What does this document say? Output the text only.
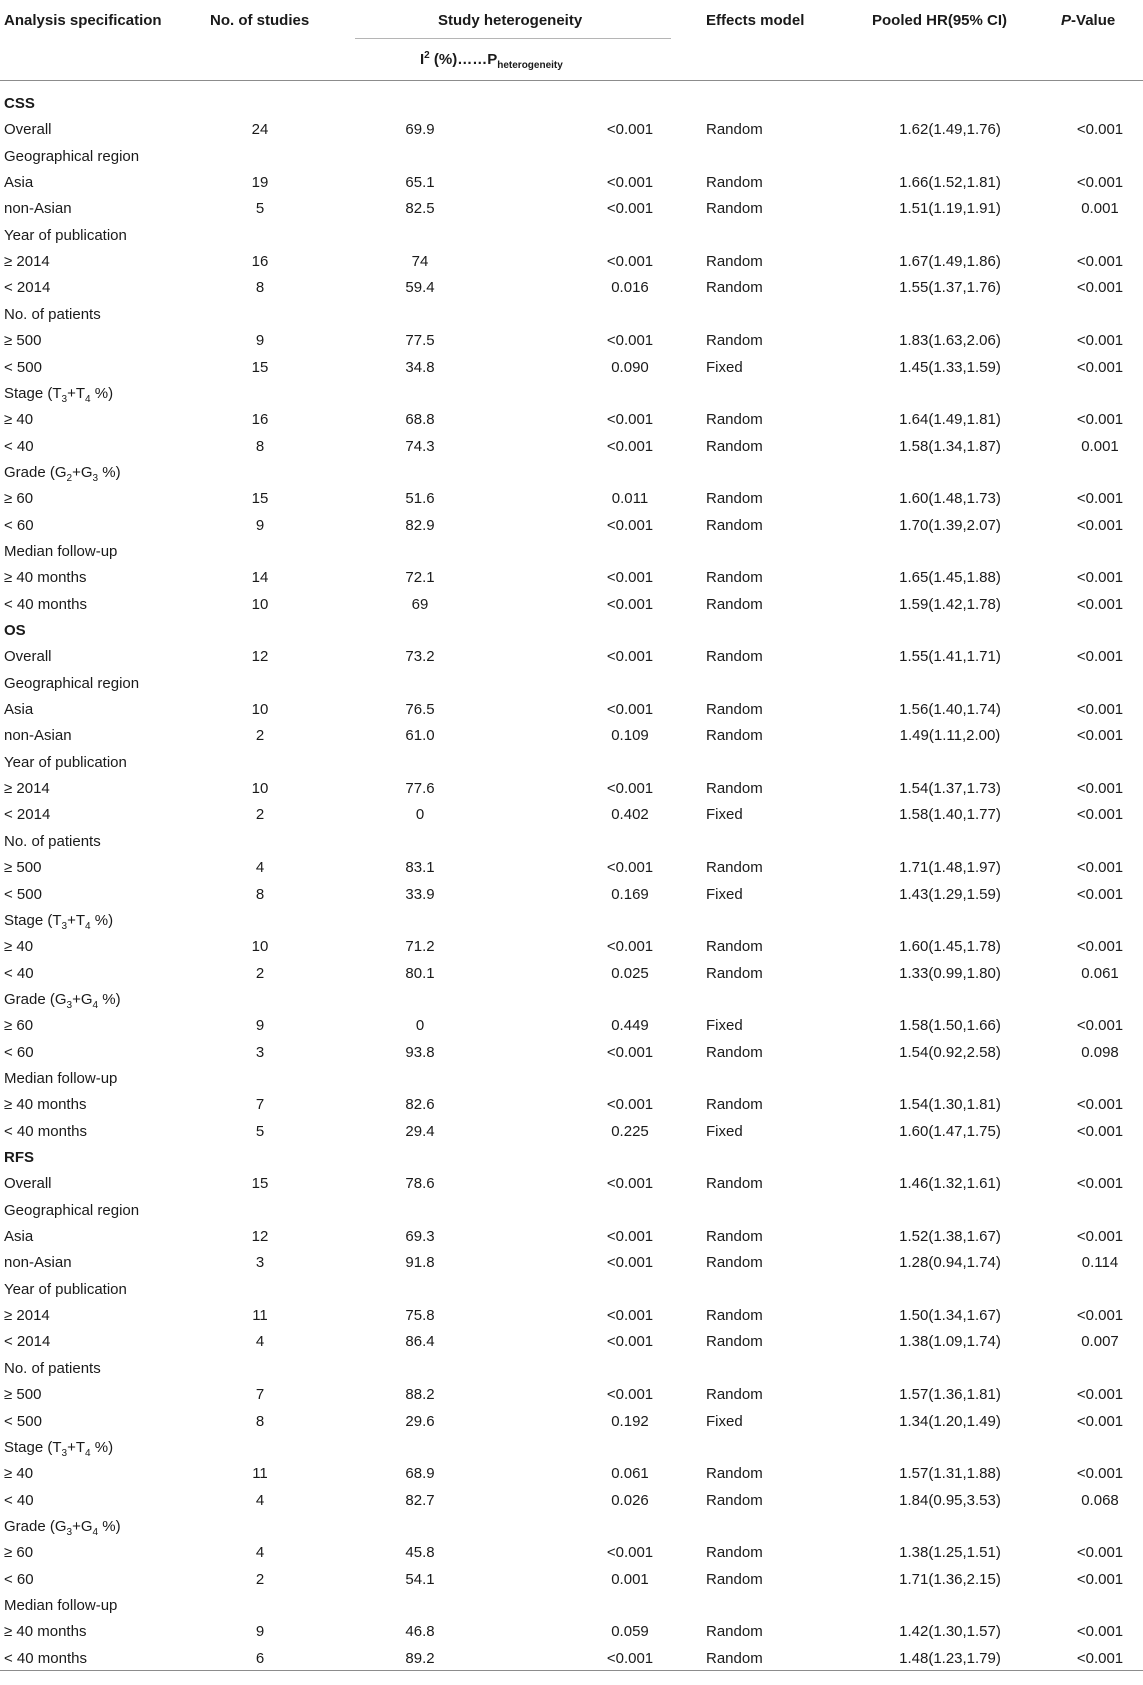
Analysis specification	No. of studies	Study heterogeneity	Effects model	Pooled HR(95% CI)	P-Value
$I^2$ $(\%)\dots\dots P_{heterogeneity}$
CSS
Overall	24	69.9	<0.001	Random	1.62(1.49,1.76)	<0.001
Geographical region
Asia	19	65.1	<0.001	Random	1.66(1.52,1.81)	<0.001
non-Asian	5	82.5	<0.001	Random	1.51(1.19,1.91)	0.001
Year of publication
≥ 2014	16	74	<0.001	Random	1.67(1.49,1.86)	<0.001
< 2014	8	59.4	0.016	Random	1.55(1.37,1.76)	<0.001
No. of patients
≥ 500	9	77.5	<0.001	Random	1.83(1.63,2.06)	<0.001
< 500	15	34.8	0.090	Fixed	1.45(1.33,1.59)	<0.001
Stage ($T_3+T_4$ %)
≥ 40	16	68.8	<0.001	Random	1.64(1.49,1.81)	<0.001
< 40	8	74.3	<0.001	Random	1.58(1.34,1.87)	0.001
Grade ($G_2+G_3$ %)
≥ 60	15	51.6	0.011	Random	1.60(1.48,1.73)	<0.001
< 60	9	82.9	<0.001	Random	1.70(1.39,2.07)	<0.001
Median follow-up
≥ 40 months	14	72.1	<0.001	Random	1.65(1.45,1.88)	<0.001
< 40 months	10	69	<0.001	Random	1.59(1.42,1.78)	<0.001
OS
Overall	12	73.2	<0.001	Random	1.55(1.41,1.71)	<0.001
Geographical region
Asia	10	76.5	<0.001	Random	1.56(1.40,1.74)	<0.001
non-Asian	2	61.0	0.109	Random	1.49(1.11,2.00)	<0.001
Year of publication
≥ 2014	10	77.6	<0.001	Random	1.54(1.37,1.73)	<0.001
< 2014	2	0	0.402	Fixed	1.58(1.40,1.77)	<0.001
No. of patients
≥ 500	4	83.1	<0.001	Random	1.71(1.48,1.97)	<0.001
< 500	8	33.9	0.169	Fixed	1.43(1.29,1.59)	<0.001
Stage ($T_3+T_4$ %)
≥ 40	10	71.2	<0.001	Random	1.60(1.45,1.78)	<0.001
< 40	2	80.1	0.025	Random	1.33(0.99,1.80)	0.061
Grade ($G_3+G_4$ %)
≥ 60	9	0	0.449	Fixed	1.58(1.50,1.66)	<0.001
< 60	3	93.8	<0.001	Random	1.54(0.92,2.58)	0.098
Median follow-up
≥ 40 months	7	82.6	<0.001	Random	1.54(1.30,1.81)	<0.001
< 40 months	5	29.4	0.225	Fixed	1.60(1.47,1.75)	<0.001
RFS
Overall	15	78.6	<0.001	Random	1.46(1.32,1.61)	<0.001
Geographical region
Asia	12	69.3	<0.001	Random	1.52(1.38,1.67)	<0.001
non-Asian	3	91.8	<0.001	Random	1.28(0.94,1.74)	0.114
Year of publication
≥ 2014	11	75.8	<0.001	Random	1.50(1.34,1.67)	<0.001
< 2014	4	86.4	<0.001	Random	1.38(1.09,1.74)	0.007
No. of patients
≥ 500	7	88.2	<0.001	Random	1.57(1.36,1.81)	<0.001
< 500	8	29.6	0.192	Fixed	1.34(1.20,1.49)	<0.001
Stage ($T_3+T_4$ %)
≥ 40	11	68.9	0.061	Random	1.57(1.31,1.88)	<0.001
< 40	4	82.7	0.026	Random	1.84(0.95,3.53)	0.068
Grade ($G_3+G_4$ %)
≥ 60	4	45.8	<0.001	Random	1.38(1.25,1.51)	<0.001
< 60	2	54.1	0.001	Random	1.71(1.36,2.15)	<0.001
Median follow-up
≥ 40 months	9	46.8	0.059	Random	1.42(1.30,1.57)	<0.001
< 40 months	6	89.2	<0.001	Random	1.48(1.23,1.79)	<0.001
